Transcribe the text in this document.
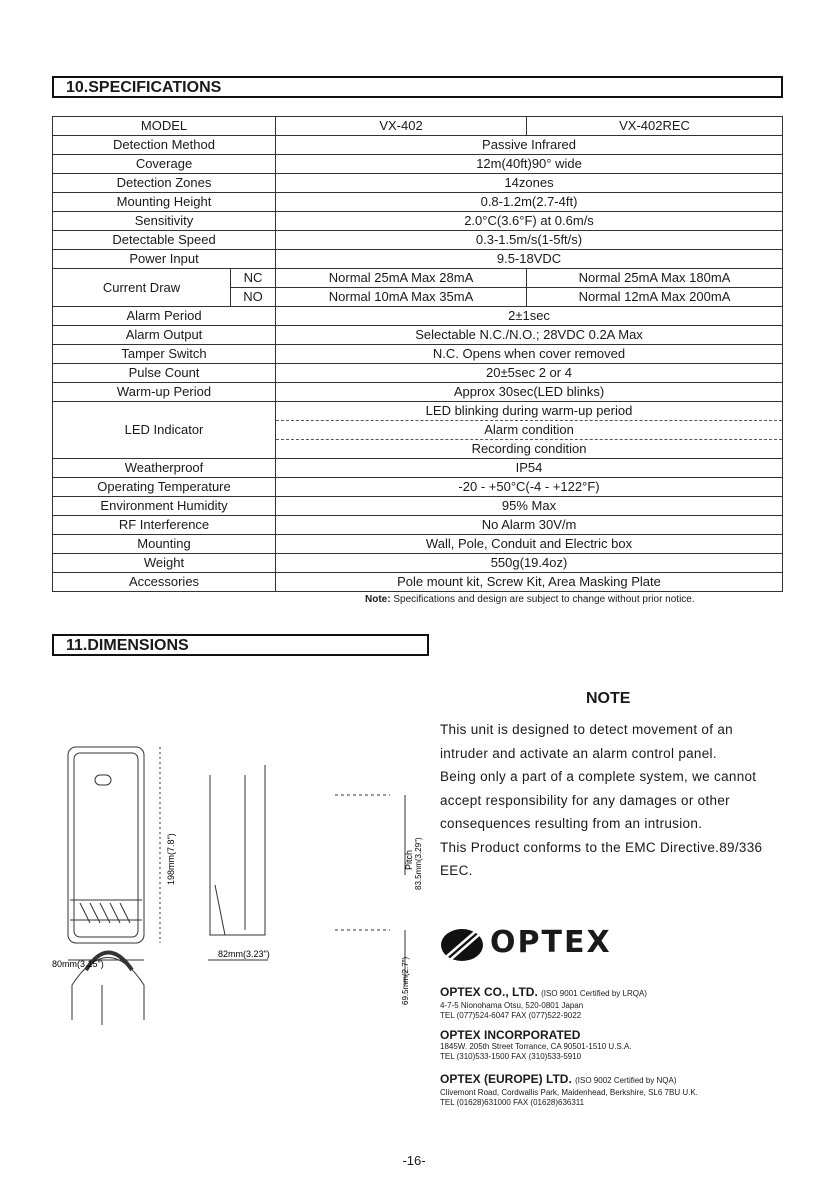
10.SPECIFICATIONS
MODEL		VX-402	VX-402REC
Detection Method		Passive Infrared	
Coverage		12m(40ft)90° wide	
Detection Zones		14zones	
Mounting Height		0.8-1.2m(2.7-4ft)	
Sensitivity		2.0°C(3.6°F) at 0.6m/s	
Detectable Speed		0.3-1.5m/s(1-5ft/s)	
Power Input		9.5-18VDC	
Current Draw	NC	Normal 25mA Max 28mA	Normal 25mA Max 180mA
	NO	Normal 10mA Max 35mA	Normal 12mA Max 200mA
Alarm Period		2±1sec	
Alarm Output		Selectable N.C./N.O.; 28VDC 0.2A Max	
Tamper Switch		N.C. Opens when cover removed	
Pulse Count		20±5sec 2 or 4	
Warm-up Period		Approx 30sec(LED blinks)	
LED Indicator		LED blinking during warm-up period
Alarm condition
Recording condition	

Weatherproof		IP54	
Operating Temperature		-20 - +50°C(-4 - +122°F)	
Environment Humidity		95% Max	
RF Interference		No Alarm 30V/m	
Mounting		Wall, Pole, Conduit and Electric box	
Weight		550g(19.4oz)	
Accessories		Pole mount kit, Screw Kit, Area Masking Plate	
Note: Specifications and design are subject to change without prior notice.
11.DIMENSIONS
198mm(7.8")
80mm(3.15")
82mm(3.23")
Pitch 83.5mm(3.29")
69.5mm(2.7")
NOTE

This unit is designed to detect movement of an intruder and activate an alarm control panel.

Being only a part of a complete system, we cannot accept responsibility for any damages or other consequences resulting from an intrusion.

This Product conforms to the EMC Directive.89/336 EEC.

OPTEX
OPTEX CO., LTD. (ISO 9001 Certified by LRQA)
4-7-5 Nionohama Otsu, 520-0801 Japan
TEL (077)524-6047 FAX (077)522-9022
OPTEX INCORPORATED
1845W. 205th Street Torrance, CA 90501-1510 U.S.A.
TEL (310)533-1500 FAX (310)533-5910
OPTEX (EUROPE) LTD. (ISO 9002 Certified by NQA)
Clivemont Road, Cordwallis Park, Maidenhead, Berkshire, SL6 7BU U.K.
TEL (01628)631000 FAX (01628)636311
-16-
